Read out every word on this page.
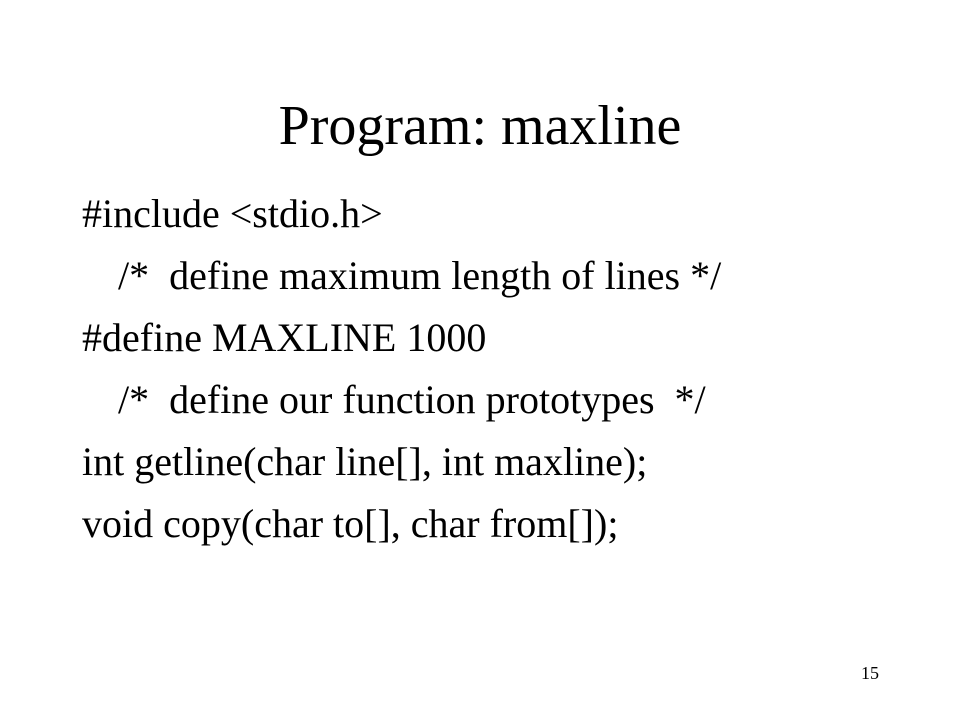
Program: maxline
#include <stdio.h>
/*  define maximum length of lines */
#define MAXLINE 1000
/*  define our function prototypes  */
int getline(char line[], int maxline);
void copy(char to[], char from[]);
15
